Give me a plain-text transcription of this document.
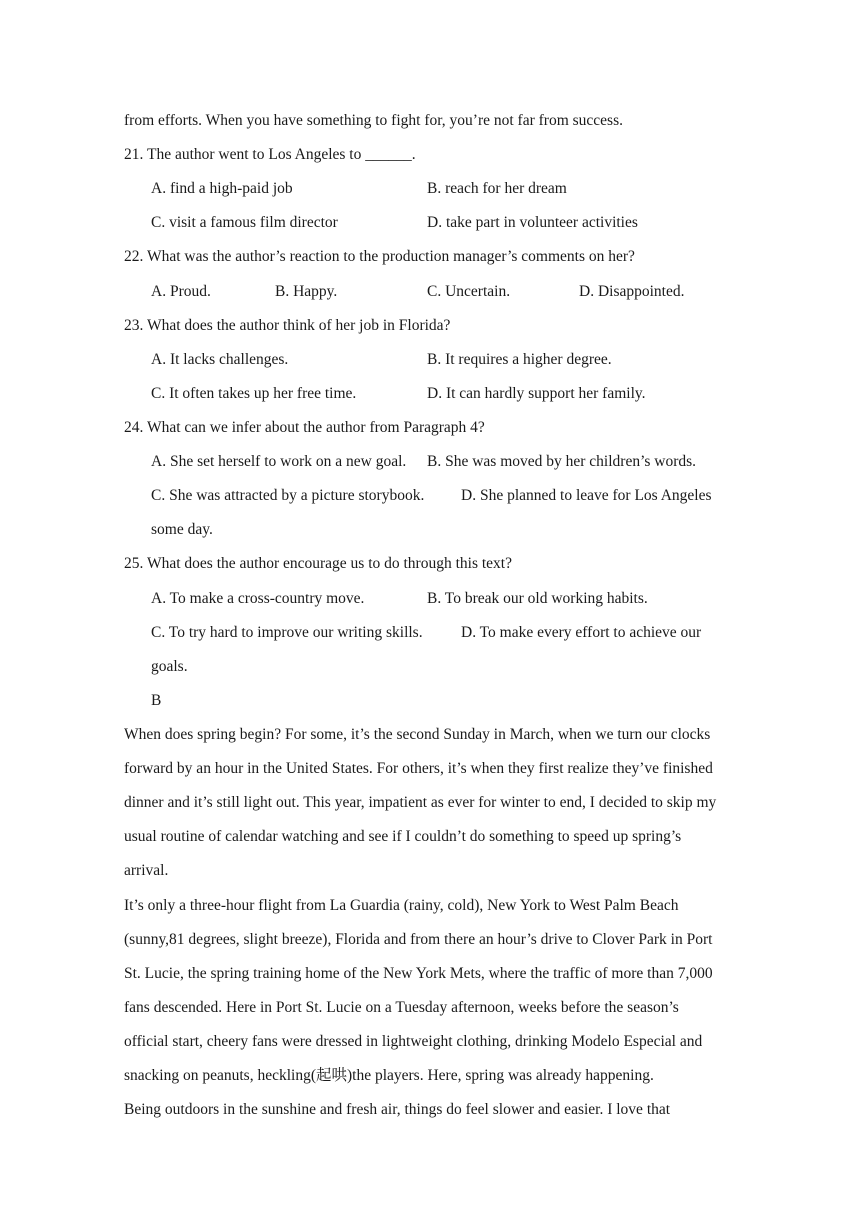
from efforts. When you have something to fight for, you’re not far from success.
21. The author went to Los Angeles to ______.
A. find a high-paid job	B. reach for her dream
C. visit a famous film director	D. take part in volunteer activities
22. What was the author’s reaction to the production manager’s comments on her?
A. Proud.	B. Happy.	C. Uncertain.	D. Disappointed.
23. What does the author think of her job in Florida?
A. It lacks challenges.	B. It requires a higher degree.
C. It often takes up her free time.	D. It can hardly support her family.
24. What can we infer about the author from Paragraph 4?
A. She set herself to work on a new goal. B. She was moved by her children’s words.
C. She was attracted by a picture storybook. D. She planned to leave for Los Angeles
some day.
25. What does the author encourage us to do through this text?
A. To make a cross-country move.	B. To break our old working habits.
C. To try hard to improve our writing skills. D. To make every effort to achieve our
goals.
B
When does spring begin? For some, it’s the second Sunday in March, when we turn our clocks
forward by an hour in the United States. For others, it’s when they first realize they’ve finished
dinner and it’s still light out. This year, impatient as ever for winter to end, I decided to skip my
usual routine of calendar watching and see if I couldn’t do something to speed up spring’s
arrival.
It’s only a three-hour flight from La Guardia (rainy, cold), New York to West Palm Beach
(sunny,81 degrees, slight breeze), Florida and from there an hour’s drive to Clover Park in Port
St. Lucie, the spring training home of the New York Mets, where the traffic of more than 7,000
fans descended. Here in Port St. Lucie on a Tuesday afternoon, weeks before the season’s
official start, cheery fans were dressed in lightweight clothing, drinking Modelo Especial and
snacking on peanuts, heckling(起哄)the players. Here, spring was already happening.
Being outdoors in the sunshine and fresh air, things do feel slower and easier. I love that
